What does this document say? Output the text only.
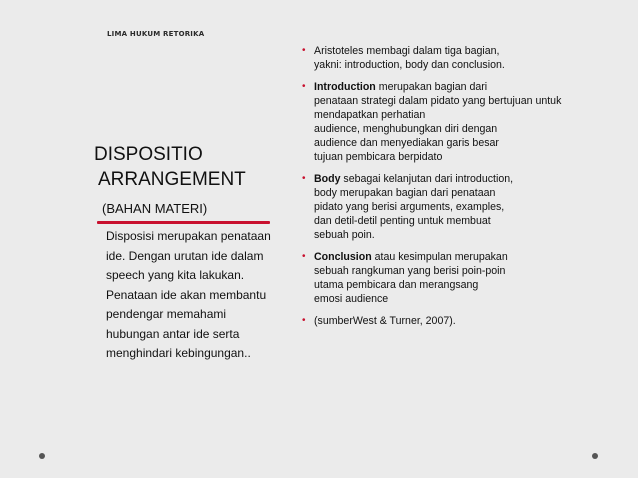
LIMA HUKUM RETORIKA
DISPOSITIO
ARRANGEMENT
(BAHAN MATERI)
Disposisi merupakan penataan
ide. Dengan urutan ide dalam
speech yang kita lakukan.
Penataan ide akan membantu
pendengar memahami
hubungan antar ide serta
menghindari kebingungan..
• Aristoteles membagi dalam tiga bagian,
yakni: introduction, body dan conclusion.
• Introduction merupakan bagian dari
penataan strategi dalam pidato yang bertujuan untuk
mendapatkan perhatian
audience, menghubungkan diri dengan
audience dan menyediakan garis besar
tujuan pembicara berpidato
• Body sebagai kelanjutan dari introduction,
body merupakan bagian dari penataan
pidato yang berisi arguments, examples,
dan detil-detil penting untuk membuat
sebuah poin.
• Conclusion atau kesimpulan merupakan
sebuah rangkuman yang berisi poin-poin
utama pembicara dan merangsang
emosi audience
• (sumberWest & Turner, 2007).
